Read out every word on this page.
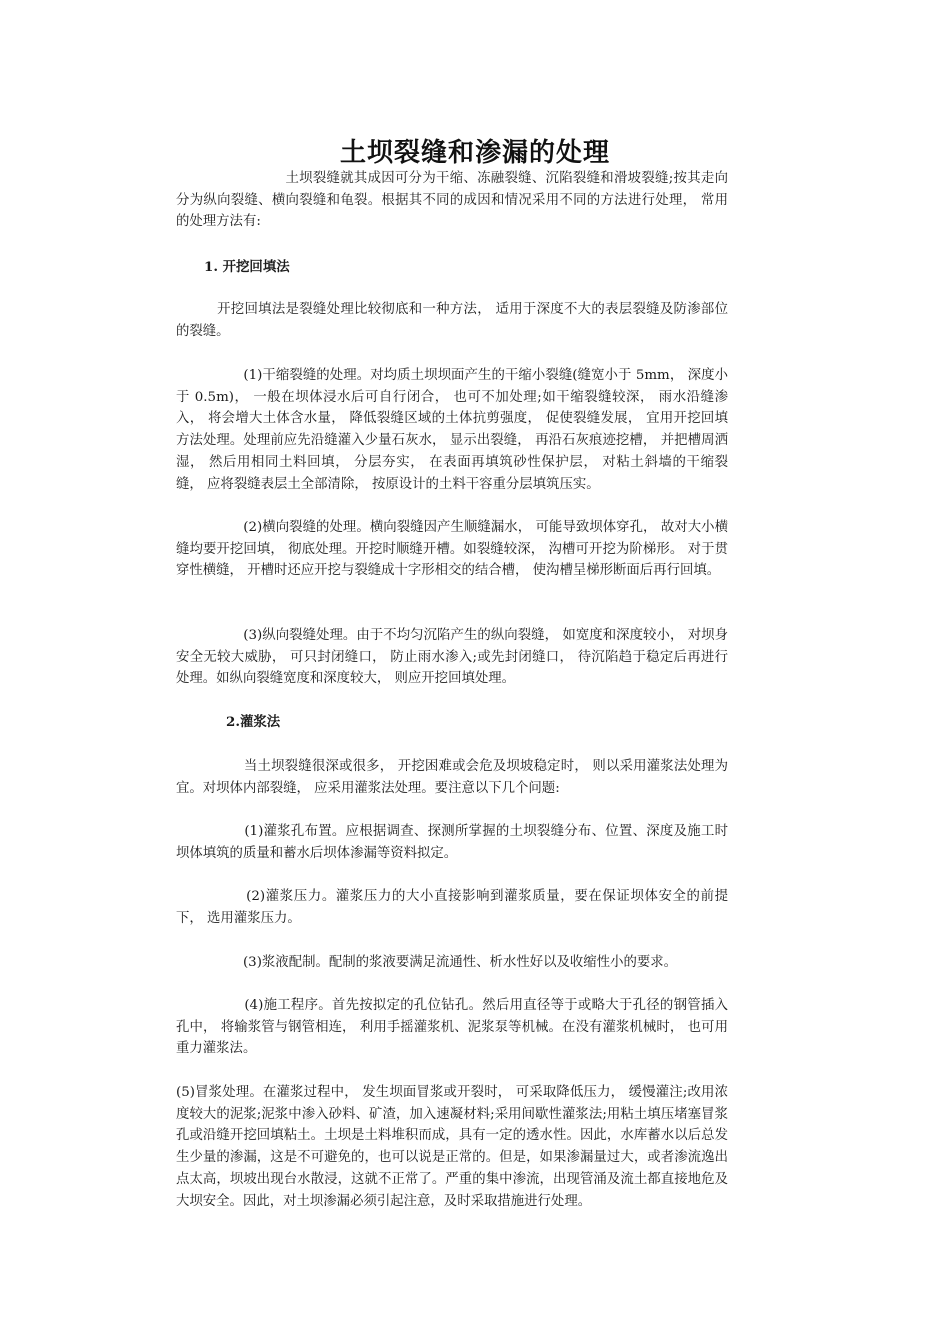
土坝裂缝和渗漏的处理

　　　　　　　　土坝裂缝就其成因可分为干缩、冻融裂缝、沉陷裂缝和滑坡裂缝;按其走向分为纵向裂缝、横向裂缝和龟裂。根据其不同的成因和情况采用不同的方法进行处理， 常用的处理方法有:

1. 开挖回填法

　　　开挖回填法是裂缝处理比较彻底和一种方法， 适用于深度不大的表层裂缝及防渗部位的裂缝。

　　　　　(1)干缩裂缝的处理。对均质土坝坝面产生的干缩小裂缝(缝宽小于 5mm， 深度小于 0.5m)， 一般在坝体浸水后可自行闭合， 也可不加处理;如干缩裂缝较深， 雨水沿缝渗入， 将会增大土体含水量， 降低裂缝区域的土体抗剪强度， 促使裂缝发展， 宜用开挖回填方法处理。处理前应先沿缝灌入少量石灰水， 显示出裂缝， 再沿石灰痕迹挖槽， 并把槽周洒湿， 然后用相同土料回填， 分层夯实， 在表面再填筑砂性保护层， 对粘土斜墙的干缩裂缝， 应将裂缝表层土全部清除， 按原设计的土料干容重分层填筑压实。

　　　　　(2)横向裂缝的处理。横向裂缝因产生顺缝漏水， 可能导致坝体穿孔， 故对大小横缝均要开挖回填， 彻底处理。开挖时顺缝开槽。如裂缝较深， 沟槽可开挖为阶梯形。 对于贯穿性横缝， 开槽时还应开挖与裂缝成十字形相交的结合槽， 使沟槽呈梯形断面后再行回填。

　　　　　(3)纵向裂缝处理。由于不均匀沉陷产生的纵向裂缝， 如宽度和深度较小， 对坝身安全无较大威胁， 可只封闭缝口， 防止雨水渗入;或先封闭缝口， 待沉陷趋于稳定后再进行处理。如纵向裂缝宽度和深度较大， 则应开挖回填处理。

2.灌浆法

　　　　　当土坝裂缝很深或很多， 开挖困难或会危及坝坡稳定时， 则以采用灌浆法处理为宜。对坝体内部裂缝， 应采用灌浆法处理。要注意以下几个问题:

　　　　　(1)灌浆孔布置。应根据调查、探测所掌握的土坝裂缝分布、位置、深度及施工时坝体填筑的质量和蓄水后坝体渗漏等资料拟定。

　　　　　(2)灌浆压力。灌浆压力的大小直接影响到灌浆质量，要在保证坝体安全的前提下， 选用灌浆压力。

　　　　　(3)浆液配制。配制的浆液要满足流通性、析水性好以及收缩性小的要求。

　　　　　(4)施工程序。首先按拟定的孔位钻孔。然后用直径等于或略大于孔径的钢管插入孔中， 将输浆管与钢管相连， 利用手摇灌浆机、泥浆泵等机械。在没有灌浆机械时， 也可用重力灌浆法。

(5)冒浆处理。在灌浆过程中， 发生坝面冒浆或开裂时， 可采取降低压力， 缓慢灌注;改用浓度较大的泥浆;泥浆中渗入砂料、矿渣，加入速凝材料;采用间歇性灌浆法;用粘土填压堵塞冒浆孔或沿缝开挖回填粘土。土坝是土料堆积而成，具有一定的透水性。因此，水库蓄水以后总发生少量的渗漏，这是不可避免的，也可以说是正常的。但是，如果渗漏量过大，或者渗流逸出点太高，坝坡出现台水散浸，这就不正常了。严重的集中渗流，出现管涌及流土都直接地危及大坝安全。因此，对土坝渗漏必须引起注意，及时采取措施进行处理。
